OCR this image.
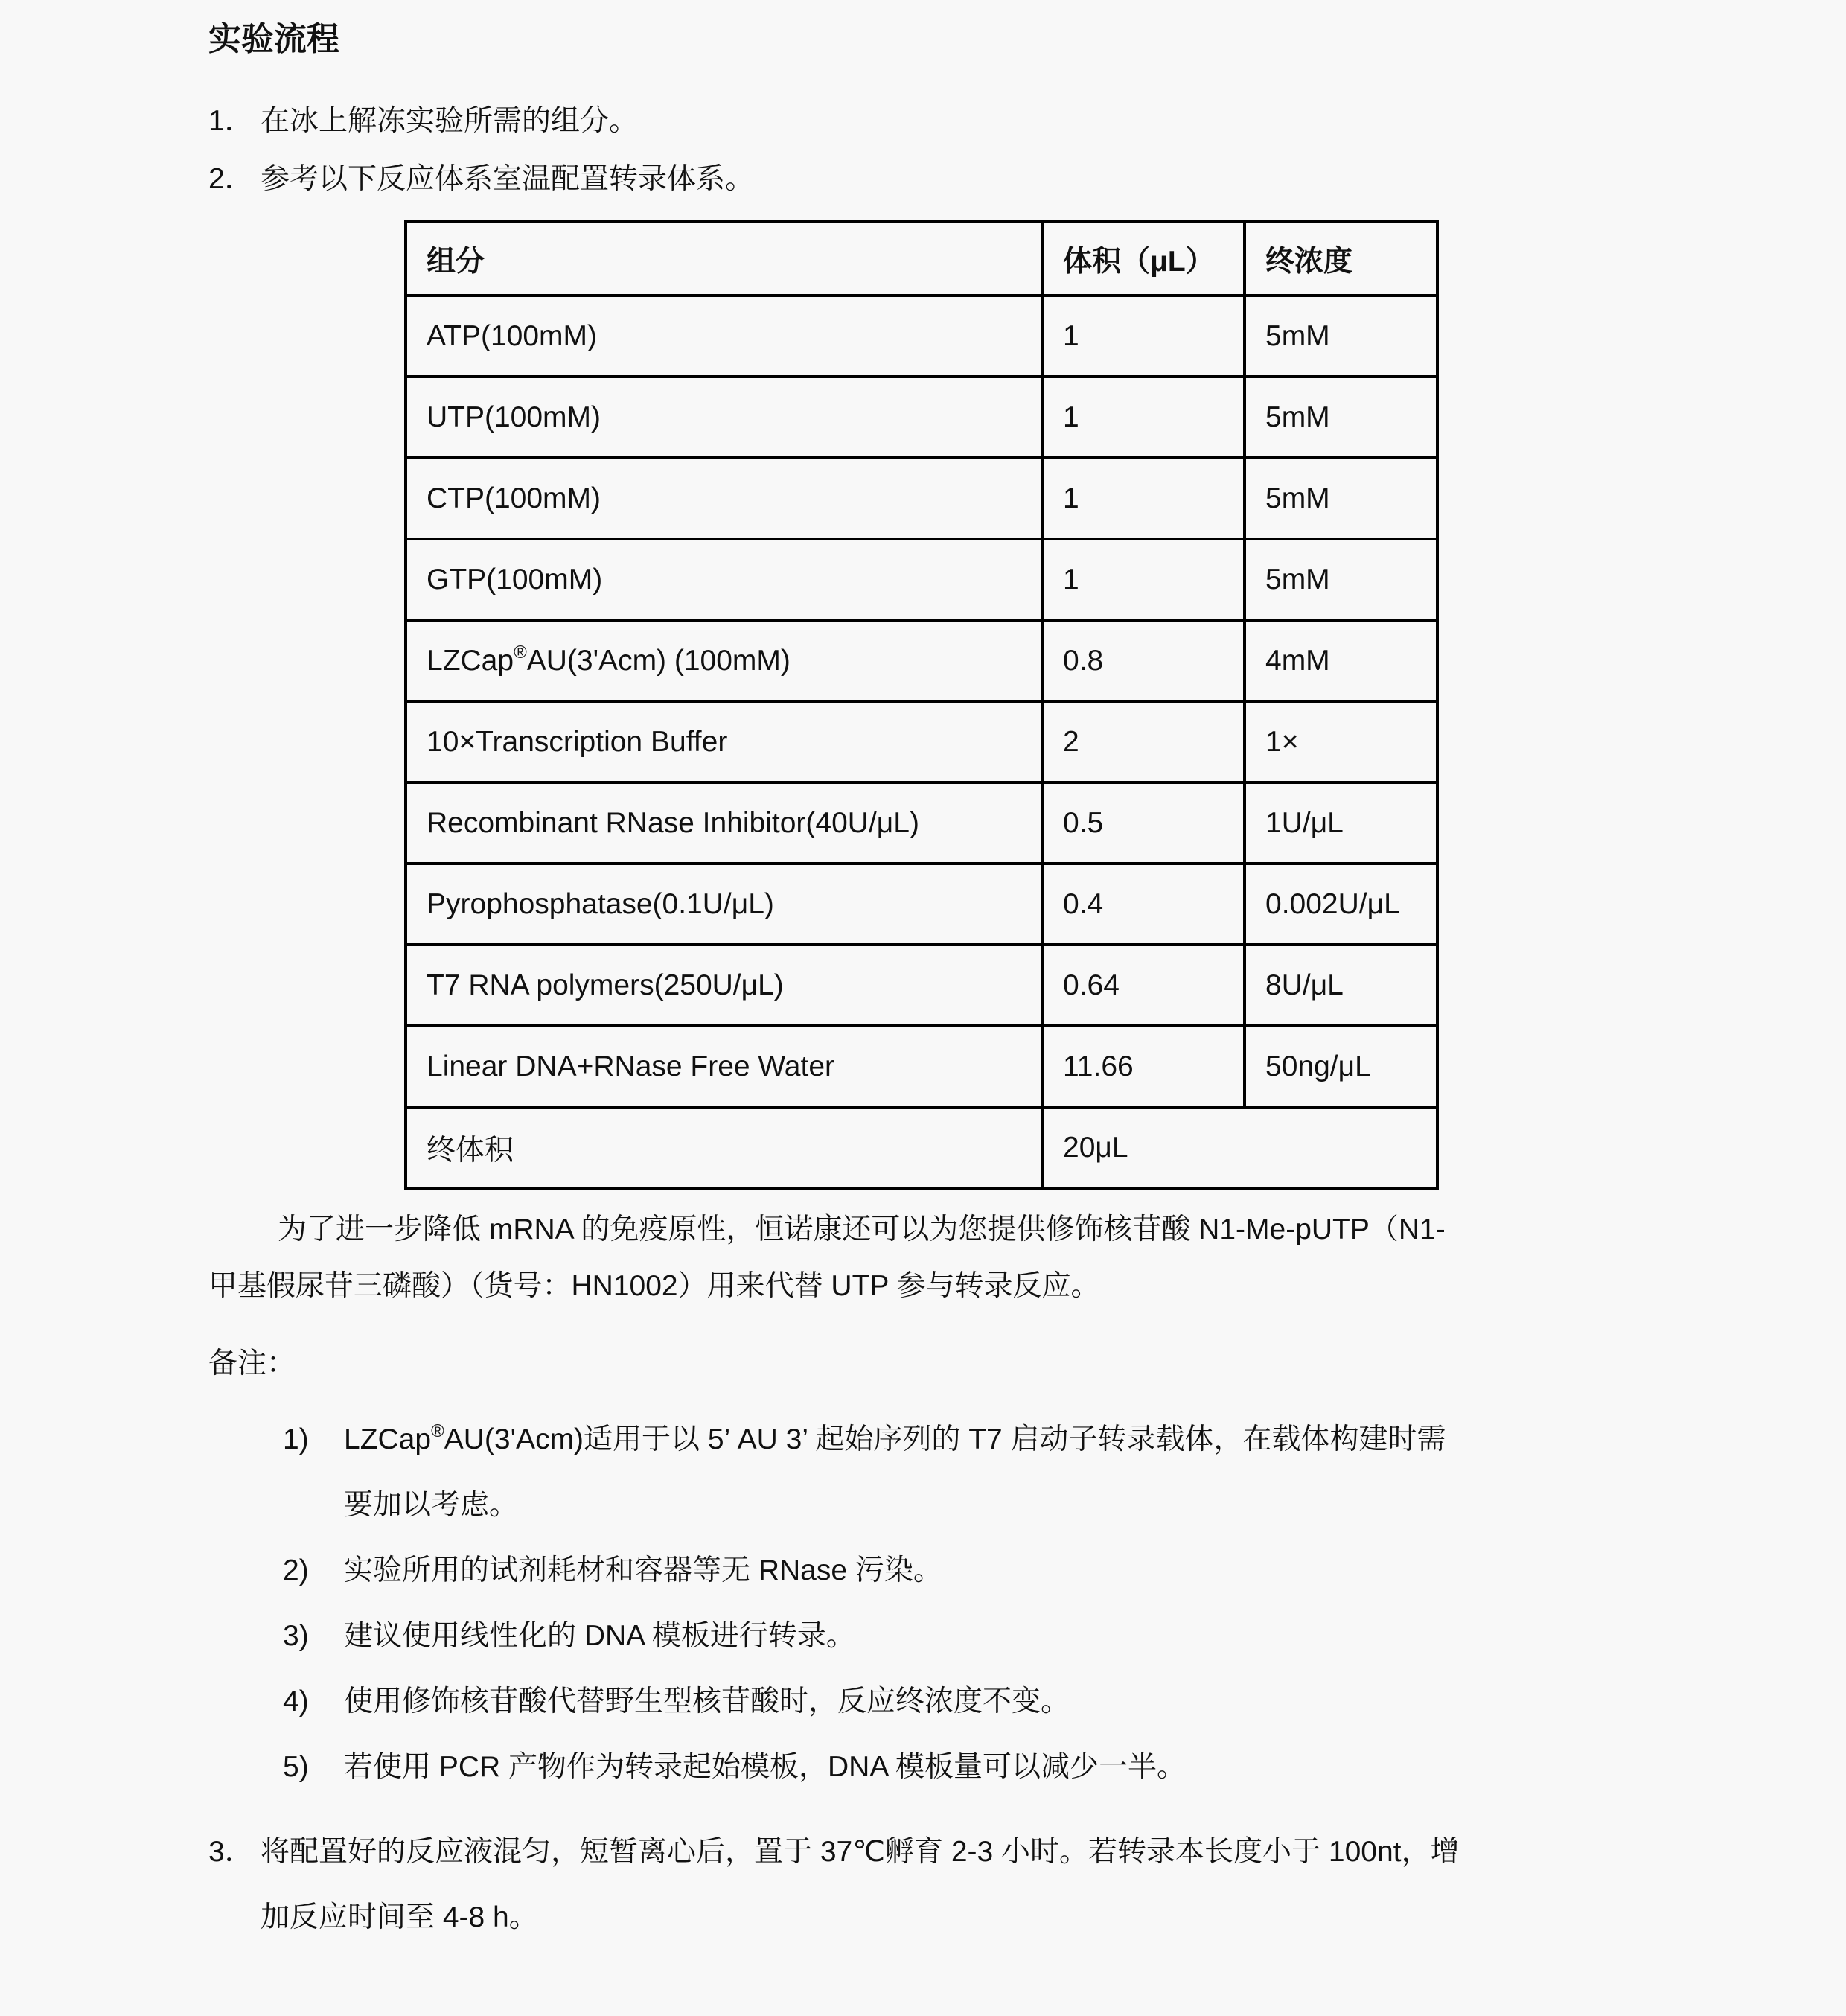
实验流程
1． 在冰上解冻实验所需的组分。
2． 参考以下反应体系室温配置转录体系。
组分	体积（μL）	终浓度
ATP(100mM)	1	5mM
UTP(100mM)	1	5mM
CTP(100mM)	1	5mM
GTP(100mM)	1	5mM
LZCap®AU(3'Acm) (100mM)	0.8	4mM
10×Transcription Buffer	2	1×
Recombinant RNase Inhibitor(40U/μL)	0.5	1U/μL
Pyrophosphatase(0.1U/μL)	0.4	0.002U/μL
T7 RNA polymers(250U/μL)	0.64	8U/μL
Linear DNA+RNase Free Water	11.66	50ng/μL
终体积	20μL	

为了进一步降低 mRNA 的免疫原性，恒诺康还可以为您提供修饰核苷酸 N1-Me-pUTP（N1-
甲基假尿苷三磷酸）（货号：HN1002）用来代替 UTP 参与转录反应。

备注：

1)	LZCap®AU(3'Acm)适用于以 5’ AU 3’ 起始序列的 T7 启动子转录载体，在载体构建时需
要加以考虑。
2)	实验所用的试剂耗材和容器等无 RNase 污染。
3)	建议使用线性化的 DNA 模板进行转录。
4)	使用修饰核苷酸代替野生型核苷酸时，反应终浓度不变。
5)	若使用 PCR 产物作为转录起始模板，DNA 模板量可以减少一半。
3． 将配置好的反应液混匀，短暂离心后，置于 37℃孵育 2-3 小时。若转录本长度小于 100nt，增
加反应时间至 4-8 h。
